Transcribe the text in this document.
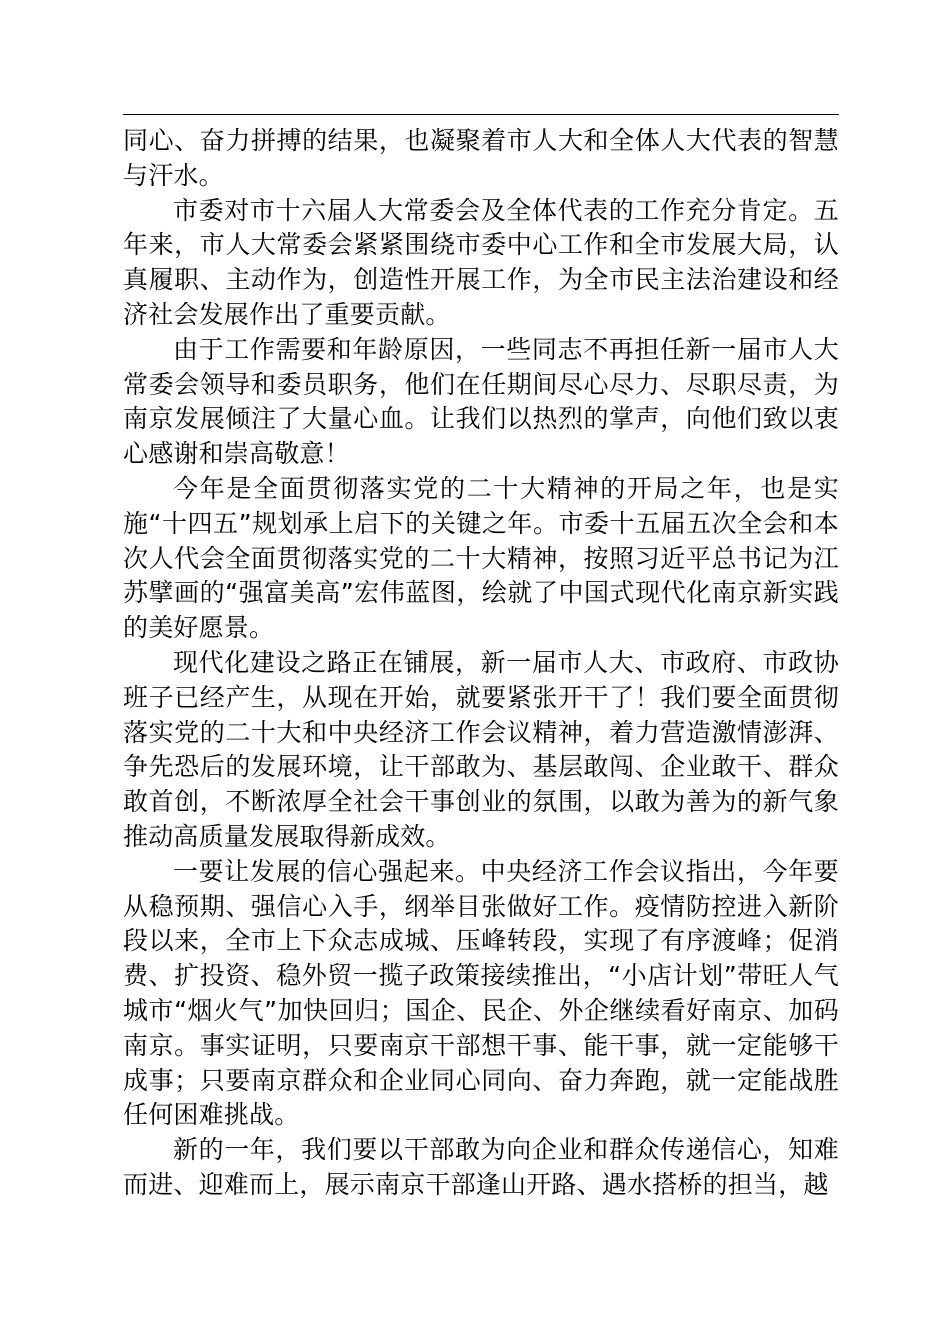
同心、奋力拼搏的结果，也凝聚着市人大和全体人大代表的智慧与汗水。

市委对市十六届人大常委会及全体代表的工作充分肯定。五年来，市人大常委会紧紧围绕市委中心工作和全市发展大局，认真履职、主动作为，创造性开展工作，为全市民主法治建设和经济社会发展作出了重要贡献。

由于工作需要和年龄原因，一些同志不再担任新一届市人大常委会领导和委员职务，他们在任期间尽心尽力、尽职尽责，为南京发展倾注了大量心血。让我们以热烈的掌声，向他们致以衷心感谢和崇高敬意！

今年是全面贯彻落实党的二十大精神的开局之年，也是实施“十四五”规划承上启下的关键之年。市委十五届五次全会和本次人代会全面贯彻落实党的二十大精神，按照习近平总书记为江苏擘画的“强富美高”宏伟蓝图，绘就了中国式现代化南京新实践的美好愿景。

现代化建设之路正在铺展，新一届市人大、市政府、市政协班子已经产生，从现在开始，就要紧张开干了！我们要全面贯彻落实党的二十大和中央经济工作会议精神，着力营造激情澎湃、争先恐后的发展环境，让干部敢为、基层敢闯、企业敢干、群众敢首创，不断浓厚全社会干事创业的氛围，以敢为善为的新气象推动高质量发展取得新成效。

一要让发展的信心强起来。中央经济工作会议指出，今年要从稳预期、强信心入手，纲举目张做好工作。疫情防控进入新阶段以来，全市上下众志成城、压峰转段，实现了有序渡峰；促消费、扩投资、稳外贸一揽子政策接续推出，“小店计划”带旺人气城市“烟火气”加快回归；国企、民企、外企继续看好南京、加码南京。事实证明，只要南京干部想干事、能干事，就一定能够干成事；只要南京群众和企业同心同向、奋力奔跑，就一定能战胜任何困难挑战。

新的一年，我们要以干部敢为向企业和群众传递信心，知难而进、迎难而上，展示南京干部逢山开路、遇水搭桥的担当，越
